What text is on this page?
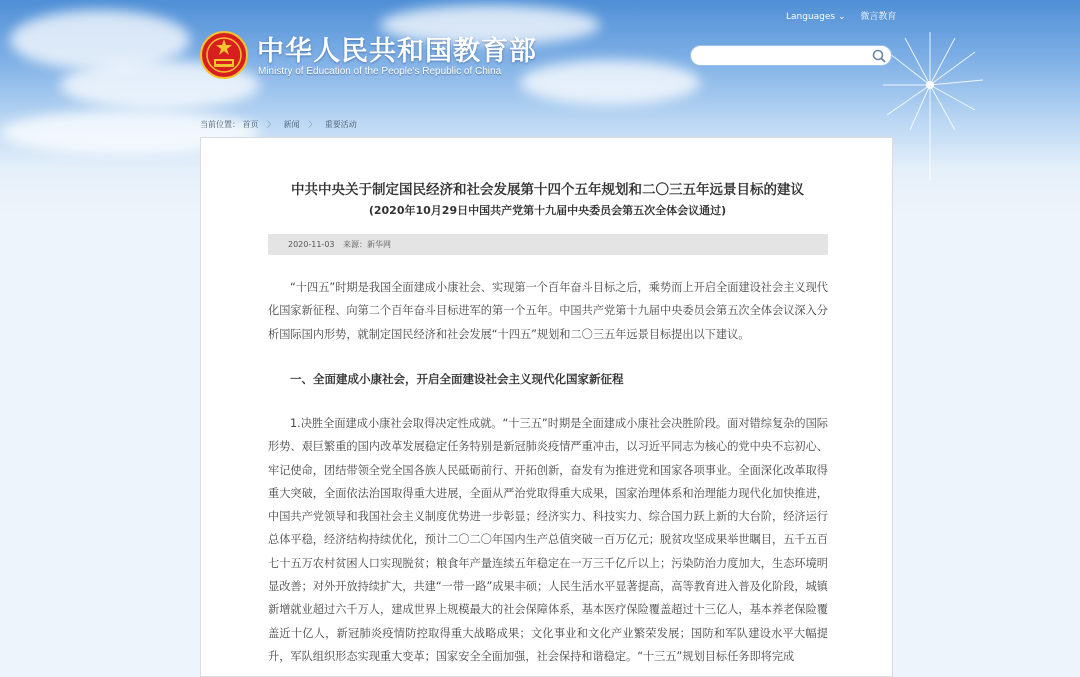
中华人民共和国教育部
Ministry of Education of the People's Republic of China
Languages ⌄ 微言教育
当前位置： 首页 〉 新闻 〉 重要活动
中共中央关于制定国民经济和社会发展第十四个五年规划和二〇三五年远景目标的建议
(2020年10月29日中国共产党第十九届中央委员会第五次全体会议通过)
2020-11-03 来源：新华网

“十四五”时期是我国全面建成小康社会、实现第一个百年奋斗目标之后，乘势而上开启全面建设社会主义现代化国家新征程、向第二个百年奋斗目标进军的第一个五年。中国共产党第十九届中央委员会第五次全体会议深入分析国际国内形势，就制定国民经济和社会发展“十四五”规划和二〇三五年远景目标提出以下建议。

一、全面建成小康社会，开启全面建设社会主义现代化国家新征程

1.决胜全面建成小康社会取得决定性成就。“十三五”时期是全面建成小康社会决胜阶段。面对错综复杂的国际形势、艰巨繁重的国内改革发展稳定任务特别是新冠肺炎疫情严重冲击，以习近平同志为核心的党中央不忘初心、牢记使命，团结带领全党全国各族人民砥砺前行、开拓创新，奋发有为推进党和国家各项事业。全面深化改革取得重大突破，全面依法治国取得重大进展，全面从严治党取得重大成果，国家治理体系和治理能力现代化加快推进，中国共产党领导和我国社会主义制度优势进一步彰显；经济实力、科技实力、综合国力跃上新的大台阶，经济运行总体平稳，经济结构持续优化，预计二〇二〇年国内生产总值突破一百万亿元；脱贫攻坚成果举世瞩目，五千五百七十五万农村贫困人口实现脱贫；粮食年产量连续五年稳定在一万三千亿斤以上；污染防治力度加大，生态环境明显改善；对外开放持续扩大，共建“一带一路”成果丰硕；人民生活水平显著提高，高等教育进入普及化阶段，城镇新增就业超过六千万人，建成世界上规模最大的社会保障体系，基本医疗保险覆盖超过十三亿人，基本养老保险覆盖近十亿人，新冠肺炎疫情防控取得重大战略成果；文化事业和文化产业繁荣发展；国防和军队建设水平大幅提升，军队组织形态实现重大变革；国家安全全面加强，社会保持和谐稳定。“十三五”规划目标任务即将完成
